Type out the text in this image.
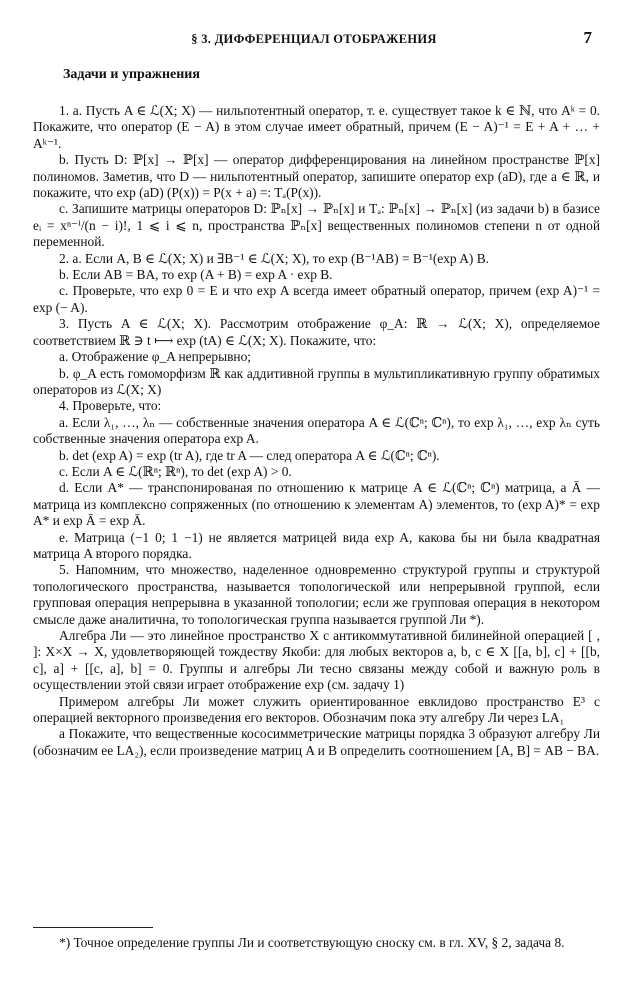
§ 3. ДИФФЕРЕНЦИАЛ ОТОБРАЖЕНИЯ	7
Задачи и упражнения

1. а. Пусть A ∈ ℒ(X; X) — нильпотентный оператор, т. е. существует такое k ∈ ℕ, что Aᵏ = 0. Покажите, что оператор (E − A) в этом случае имеет обратный, причем (E − A)⁻¹ = E + A + … + Aᵏ⁻¹.

b. Пусть D: ℙ[x] → ℙ[x] — оператор дифференцирования на линейном пространстве ℙ[x] полиномов. Заметив, что D — нильпотентный оператор, запишите оператор exp (aD), где a ∈ ℝ, и покажите, что exp (aD) (P(x)) = P(x + a) =: Tₐ(P(x)).

c. Запишите матрицы операторов D: ℙₙ[x] → ℙₙ[x] и Tₐ: ℙₙ[x] → ℙₙ[x] (из задачи b) в базисе eᵢ = xⁿ⁻ⁱ/(n − i)!, 1 ⩽ i ⩽ n, пространства ℙₙ[x] вещественных полиномов степени n от одной переменной.

2. а. Если A, B ∈ ℒ(X; X) и ∃B⁻¹ ∈ ℒ(X; X), то exp (B⁻¹AB) = B⁻¹(exp A) B.

b. Если AB = BA, то exp (A + B) = exp A · exp B.

c. Проверьте, что exp 0 = E и что exp A всегда имеет обратный оператор, причем (exp A)⁻¹ = exp (− A).

3. Пусть A ∈ ℒ(X; X). Рассмотрим отображение φ_A: ℝ → ℒ(X; X), определяемое соответствием ℝ ∋ t ⟼ exp (tA) ∈ ℒ(X; X). Покажите, что:

a. Отображение φ_A непрерывно;

b. φ_A есть гомоморфизм ℝ как аддитивной группы в мультипликативную группу обратимых операторов из ℒ(X; X)

4. Проверьте, что:

а. Если λ₁, …, λₙ — собственные значения оператора A ∈ ℒ(ℂⁿ; ℂⁿ), то exp λ₁, …, exp λₙ суть собственные значения оператора exp A.

b. det (exp A) = exp (tr A), где tr A — след оператора A ∈ ℒ(ℂⁿ; ℂⁿ).

c. Если A ∈ ℒ(ℝⁿ; ℝⁿ), то det (exp A) > 0.

d. Если A* — транспонированая по отношению к матрице A ∈ ℒ(ℂⁿ; ℂⁿ) матрица, а Ā — матрица из комплексно сопряженных (по отношению к элементам A) элементов, то (exp A)* = exp A* и exp Ā = exp Ā.

e. Матрица (−1 0; 1 −1) не является матрицей вида exp A, какова бы ни была квадратная матрица A второго порядка.

5. Напомним, что множество, наделенное одновременно структурой группы и структурой топологического пространства, называется топологической или непрерывной группой, если групповая операция непрерывна в указанной топологии; если же групповая операция в некотором смысле даже аналитична, то топологическая группа называется группой Ли *).

Алгебра Ли — это линейное пространство X с антикоммутативной билинейной операцией [ , ]: X×X → X, удовлетворяющей тождеству Якоби: для любых векторов a, b, c ∈ X [[a, b], c] + [[b, c], a] + [[c, a], b] = 0. Группы и алгебры Ли тесно связаны между собой и важную роль в осуществлении этой связи играет отображение exp (см. задачу 1)

Примером алгебры Ли может служить ориентированное евклидово пространство E³ с операцией векторного произведения его векторов. Обозначим пока эту алгебру Ли через LA₁

а Покажите, что вещественные кососимметрические матрицы порядка 3 образуют алгебру Ли (обозначим ее LA₂), если произведение матриц A и B определить соотношением [A, B] = AB − BA.

*) Точное определение группы Ли и соответствующую сноску см. в гл. XV, § 2, задача 8.
